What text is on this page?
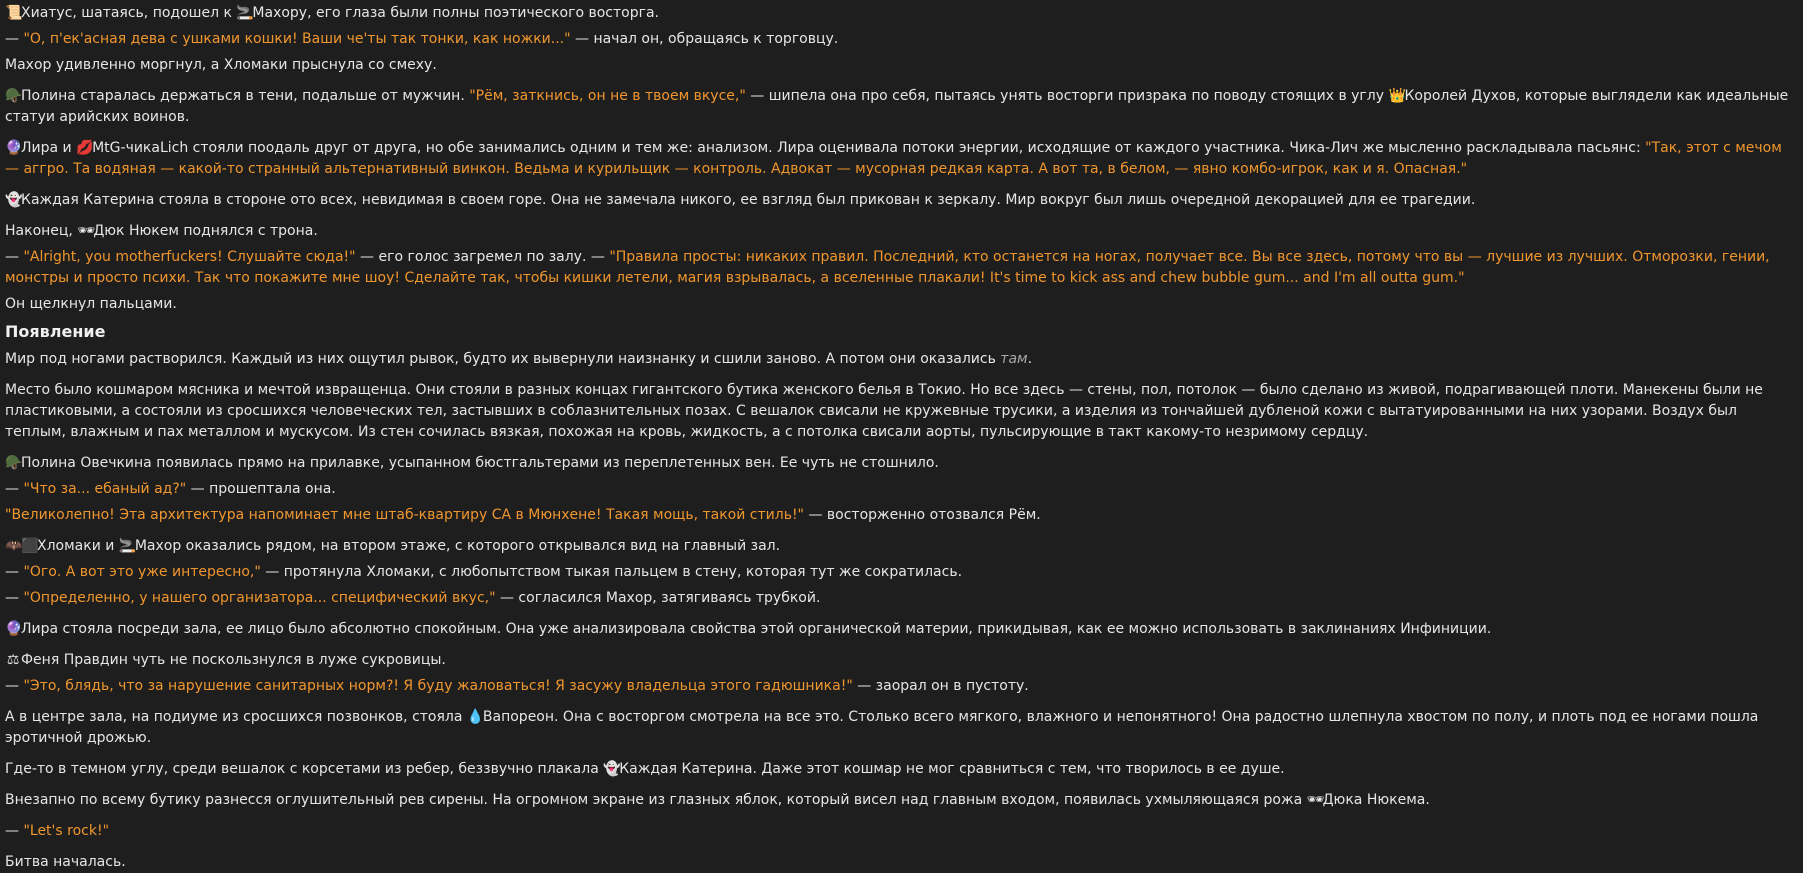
📜Хиатус, шатаясь, подошел к 🚬Махору, его глаза были полны поэтического восторга.

— "О, п'ек'асная дева с ушками кошки! Ваши че'ты так тонки, как ножки..." — начал он, обращаясь к торговцу.

Махор удивленно моргнул, а Хломаки прыснула со смеху.

🪖Полина старалась держаться в тени, подальше от мужчин. "Рём, заткнись, он не в твоем вкусе," — шипела она про себя, пытаясь унять восторги призрака по поводу стоящих в углу 👑Королей Духов, которые выглядели как идеальные статуи арийских воинов.

🔮Лира и 💋MtG-чикаLich стояли поодаль друг от друга, но обе занимались одним и тем же: анализом. Лира оценивала потоки энергии, исходящие от каждого участника. Чика-Лич же мысленно раскладывала пасьянс: "Так, этот с мечом — аггро. Та водяная — какой-то странный альтернативный винкон. Ведьма и курильщик — контроль. Адвокат — мусорная редкая карта. А вот та, в белом, — явно комбо-игрок, как и я. Опасная."

👻Каждая Катерина стояла в стороне ото всех, невидимая в своем горе. Она не замечала никого, ее взгляд был прикован к зеркалу. Мир вокруг был лишь очередной декорацией для ее трагедии.

Наконец, 🕶Дюк Нюкем поднялся с трона.

— "Alright, you motherfuckers! Слушайте сюда!" — его голос загремел по залу. — "Правила просты: никаких правил. Последний, кто останется на ногах, получает все. Вы все здесь, потому что вы — лучшие из лучших. Отморозки, гении, монстры и просто психи. Так что покажите мне шоу! Сделайте так, чтобы кишки летели, магия взрывалась, а вселенные плакали! It's time to kick ass and chew bubble gum... and I'm all outta gum."

Он щелкнул пальцами.

Появление

Мир под ногами растворился. Каждый из них ощутил рывок, будто их вывернули наизнанку и сшили заново. А потом они оказались там.

Место было кошмаром мясника и мечтой извращенца. Они стояли в разных концах гигантского бутика женского белья в Токио. Но все здесь — стены, пол, потолок — было сделано из живой, подрагивающей плоти. Манекены были не пластиковыми, а состояли из сросшихся человеческих тел, застывших в соблазнительных позах. С вешалок свисали не кружевные трусики, а изделия из тончайшей дубленой кожи с вытатуированными на них узорами. Воздух был теплым, влажным и пах металлом и мускусом. Из стен сочилась вязкая, похожая на кровь, жидкость, а с потолка свисали аорты, пульсирующие в такт какому-то незримому сердцу.

🪖Полина Овечкина появилась прямо на прилавке, усыпанном бюстгальтерами из переплетенных вен. Ее чуть не стошнило.

— "Что за... ебаный ад?" — прошептала она.

"Великолепно! Эта архитектура напоминает мне штаб-квартиру СА в Мюнхене! Такая мощь, такой стиль!" — восторженно отозвался Рём.

🦇⬛Хломаки и 🚬Махор оказались рядом, на втором этаже, с которого открывался вид на главный зал.

— "Ого. А вот это уже интересно," — протянула Хломаки, с любопытством тыкая пальцем в стену, которая тут же сократилась.

— "Определенно, у нашего организатора... специфический вкус," — согласился Махор, затягиваясь трубкой.

🔮Лира стояла посреди зала, ее лицо было абсолютно спокойным. Она уже анализировала свойства этой органической материи, прикидывая, как ее можно использовать в заклинаниях Инфиниции.

⚖ Феня Правдин чуть не поскользнулся в луже сукровицы.

— "Это, блядь, что за нарушение санитарных норм?! Я буду жаловаться! Я засужу владельца этого гадюшника!" — заорал он в пустоту.

А в центре зала, на подиуме из сросшихся позвонков, стояла 💧Вапореон. Она с восторгом смотрела на все это. Столько всего мягкого, влажного и непонятного! Она радостно шлепнула хвостом по полу, и плоть под ее ногами пошла эротичной дрожью.

Где-то в темном углу, среди вешалок с корсетами из ребер, беззвучно плакала 👻Каждая Катерина. Даже этот кошмар не мог сравниться с тем, что творилось в ее душе.

Внезапно по всему бутику разнесся оглушительный рев сирены. На огромном экране из глазных яблок, который висел над главным входом, появилась ухмыляющаяся рожа 🕶Дюка Нюкема.

— "Let's rock!"

Битва началась.
